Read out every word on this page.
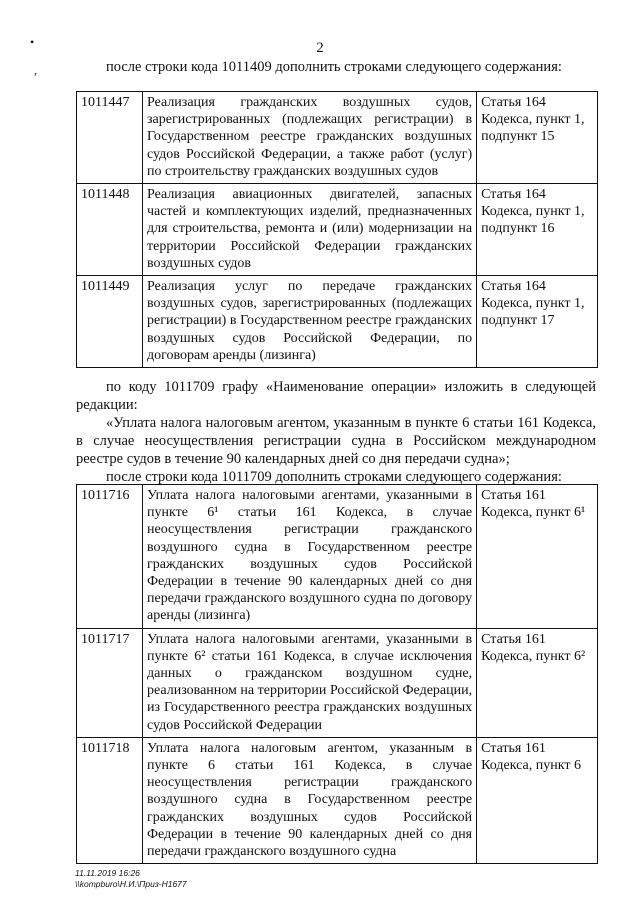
•
,
2
после строки кода 1011409 дополнить строками следующего содержания:
1011447	Реализация гражданских воздушных судов, зарегистрированных (подлежащих регистрации) в Государственном реестре гражданских воздушных судов Российской Федерации, а также работ (услуг) по строительству гражданских воздушных судов	Статья 164 Кодекса, пункт 1, подпункт 15
1011448	Реализация авиационных двигателей, запасных частей и комплектующих изделий, предназначенных для строительства, ремонта и (или) модернизации на территории Российской Федерации гражданских воздушных судов	Статья 164 Кодекса, пункт 1, подпункт 16
1011449	Реализация услуг по передаче гражданских воздушных судов, зарегистрированных (подлежащих регистрации) в Государственном реестре гражданских воздушных судов Российской Федерации, по договорам аренды (лизинга)	Статья 164 Кодекса, пункт 1, подпункт 17
по коду 1011709 графу «Наименование операции» изложить в следующей редакции:
«Уплата налога налоговым агентом, указанным в пункте 6 статьи 161 Кодекса, в случае неосуществления регистрации судна в Российском международном реестре судов в течение 90 календарных дней со дня передачи судна»;
после строки кода 1011709 дополнить строками следующего содержания:
1011716	Уплата налога налоговыми агентами, указанными в пункте 6¹ статьи 161 Кодекса, в случае неосуществления регистрации гражданского воздушного судна в Государственном реестре гражданских воздушных судов Российской Федерации в течение 90 календарных дней со дня передачи гражданского воздушного судна по договору аренды (лизинга)	Статья 161 Кодекса, пункт 6¹
1011717	Уплата налога налоговыми агентами, указанными в пункте 6² статьи 161 Кодекса, в случае исключения данных о гражданском воздушном судне, реализованном на территории Российской Федерации, из Государственного реестра гражданских воздушных судов Российской Федерации	Статья 161 Кодекса, пункт 6²
1011718	Уплата налога налоговым агентом, указанным в пункте 6 статьи 161 Кодекса, в случае неосуществления регистрации гражданского воздушного судна в Государственном реестре гражданских воздушных судов Российской Федерации в течение 90 календарных дней со дня передачи гражданского воздушного судна	Статья 161 Кодекса, пункт 6
11.11.2019 16:26
\\kompburo\Н.И.\Приз-Н1677
